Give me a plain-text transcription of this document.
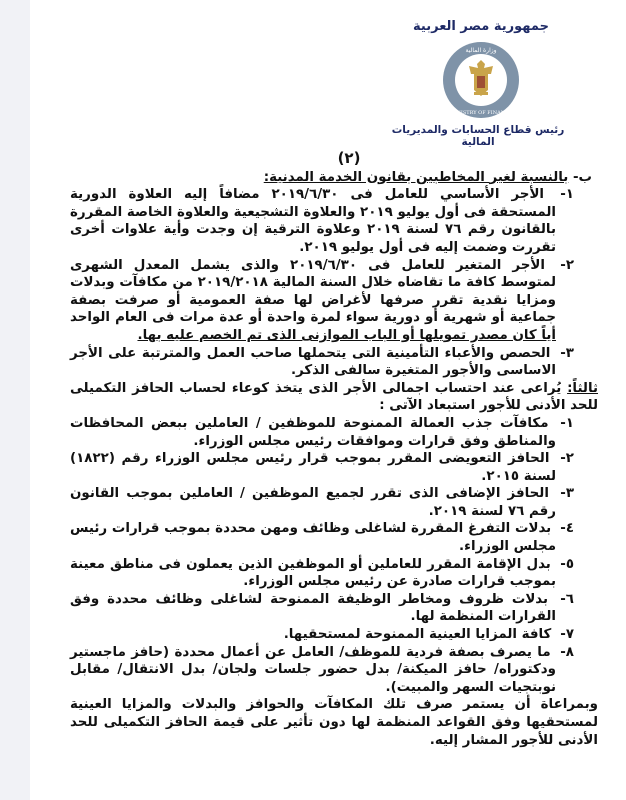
جمهورية مصر العربية
وزارة المالية
MINISTRY OF FINANCE
رئيس قطاع الحسابات والمديريات المالية
(٢)

ب- بالنسبة لغير المخاطبين بقانون الخدمة المدنية:

١- الأجر الأساسي للعامل فى ٢٠١٩/٦/٣٠ مضافاً إليه العلاوة الدورية المستحقة فى أول يوليو ٢٠١٩ والعلاوة التشجيعية والعلاوة الخاصة المقررة بالقانون رقم ٧٦ لسنة ٢٠١٩ وعلاوة الترقية إن وجدت وأية علاوات أخرى تقررت وضمت إليه فى أول يوليو ٢٠١٩.

٢- الأجر المتغير للعامل فى ٢٠١٩/٦/٣٠ والذى يشمل المعدل الشهرى لمتوسط كافة ما تقاضاه خلال السنة المالية ٢٠١٩/٢٠١٨ من مكافآت وبدلات ومزايا نقدية تقرر صرفها لأغراض لها صفة العمومية أو صرفت بصفة جماعية أو شهرية أو دورية سواء لمرة واحدة أو عدة مرات فى العام الواحد أياً كان مصدر تمويلها أو الباب الموازنى الذى تم الخصم عليه بها.

٣- الحصص والأعباء التأمينية التى يتحملها صاحب العمل والمترتبة على الأجر الاساسى والأجور المتغيرة سالفى الذكر.

ثالثاً: يُراعى عند احتساب اجمالى الأجر الذى يتخذ كوعاء لحساب الحافز التكميلى للحد الأدنى للأجور استبعاد الآتى :

١- مكافآت جذب العمالة الممنوحة للموظفين / العاملين ببعض المحافظات والمناطق وفق قرارات وموافقات رئيس مجلس الوزراء.

٢- الحافز التعويضى المقرر بموجب قرار رئيس مجلس الوزراء رقم (١٨٢٢) لسنة ٢٠١٥.

٣- الحافز الإضافى الذى تقرر لجميع الموظفين / العاملين بموجب القانون رقم ٧٦ لسنة ٢٠١٩.

٤- بدلات التفرغ المقررة لشاغلى وظائف ومهن محددة بموجب قرارات رئيس مجلس الوزراء.

٥- بدل الإقامة المقرر للعاملين أو الموظفين الذين يعملون فى مناطق معينة بموجب قرارات صادرة عن رئيس مجلس الوزراء.

٦- بدلات ظروف ومخاطر الوظيفة الممنوحة لشاغلى وظائف محددة وفق القرارات المنظمة لها.

٧- كافة المزايا العينية الممنوحة لمستحقيها.

٨- ما يصرف بصفة فردية للموظف/ العامل عن أعمال محددة (حافز ماجستير ودكتوراه/ حافز الميكنة/ بدل حضور جلسات ولجان/ بدل الانتقال/ مقابل نوبتجيات السهر والمبيت).

وبمراعاة أن يستمر صرف تلك المكافآت والحوافز والبدلات والمزايا العينية لمستحقيها وفق القواعد المنظمة لها دون تأثير على قيمة الحافز التكميلى للحد الأدنى للأجور المشار إليه.
